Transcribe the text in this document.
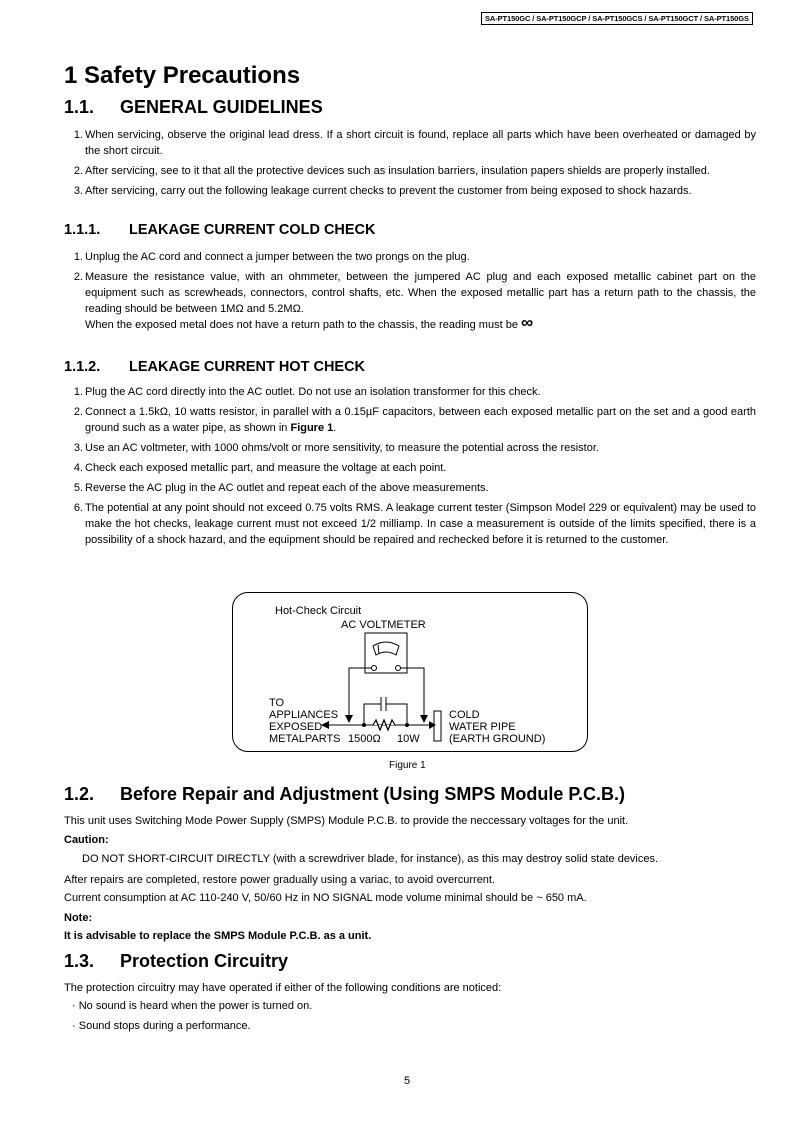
SA-PT150GC / SA-PT150GCP / SA-PT150GCS / SA-PT150GCT / SA-PT150GS
1 Safety Precautions
1.1. GENERAL GUIDELINES
1. When servicing, observe the original lead dress. If a short circuit is found, replace all parts which have been overheated or damaged by the short circuit.
2. After servicing, see to it that all the protective devices such as insulation barriers, insulation papers shields are properly installed.
3. After servicing, carry out the following leakage current checks to prevent the customer from being exposed to shock hazards.
1.1.1. LEAKAGE CURRENT COLD CHECK
1. Unplug the AC cord and connect a jumper between the two prongs on the plug.
2. Measure the resistance value, with an ohmmeter, between the jumpered AC plug and each exposed metallic cabinet part on the equipment such as screwheads, connectors, control shafts, etc. When the exposed metallic part has a return path to the chassis, the reading should be between 1MΩ and 5.2MΩ.
When the exposed metal does not have a return path to the chassis, the reading must be ∞
1.1.2. LEAKAGE CURRENT HOT CHECK
1. Plug the AC cord directly into the AC outlet. Do not use an isolation transformer for this check.
2. Connect a 1.5kΩ, 10 watts resistor, in parallel with a 0.15µF capacitors, between each exposed metallic part on the set and a good earth ground such as a water pipe, as shown in Figure 1.
3. Use an AC voltmeter, with 1000 ohms/volt or more sensitivity, to measure the potential across the resistor.
4. Check each exposed metallic part, and measure the voltage at each point.
5. Reverse the AC plug in the AC outlet and repeat each of the above measurements.
6. The potential at any point should not exceed 0.75 volts RMS. A leakage current tester (Simpson Model 229 or equivalent) may be used to make the hot checks, leakage current must not exceed 1/2 milliamp. In case a measurement is outside of the limits specified, there is a possibility of a shock hazard, and the equipment should be repaired and rechecked before it is returned to the customer.
Hot-Check Circuit
AC VOLTMETER
TO
APPLIANCES
EXPOSED
METALPARTS 1500Ω 10W
COLD
WATER PIPE
(EARTH GROUND)
Figure 1
1.2. Before Repair and Adjustment (Using SMPS Module P.C.B.)
This unit uses Switching Mode Power Supply (SMPS) Module P.C.B. to provide the neccessary voltages for the unit.
Caution:
DO NOT SHORT-CIRCUIT DIRECTLY (with a screwdriver blade, for instance), as this may destroy solid state devices.
After repairs are completed, restore power gradually using a variac, to avoid overcurrent.
Current consumption at AC 110-240 V, 50/60 Hz in NO SIGNAL mode volume minimal should be ~ 650 mA.
Note:
It is advisable to replace the SMPS Module P.C.B. as a unit.
1.3. Protection Circuitry
The protection circuitry may have operated if either of the following conditions are noticed:
· No sound is heard when the power is turned on.
· Sound stops during a performance.
5
